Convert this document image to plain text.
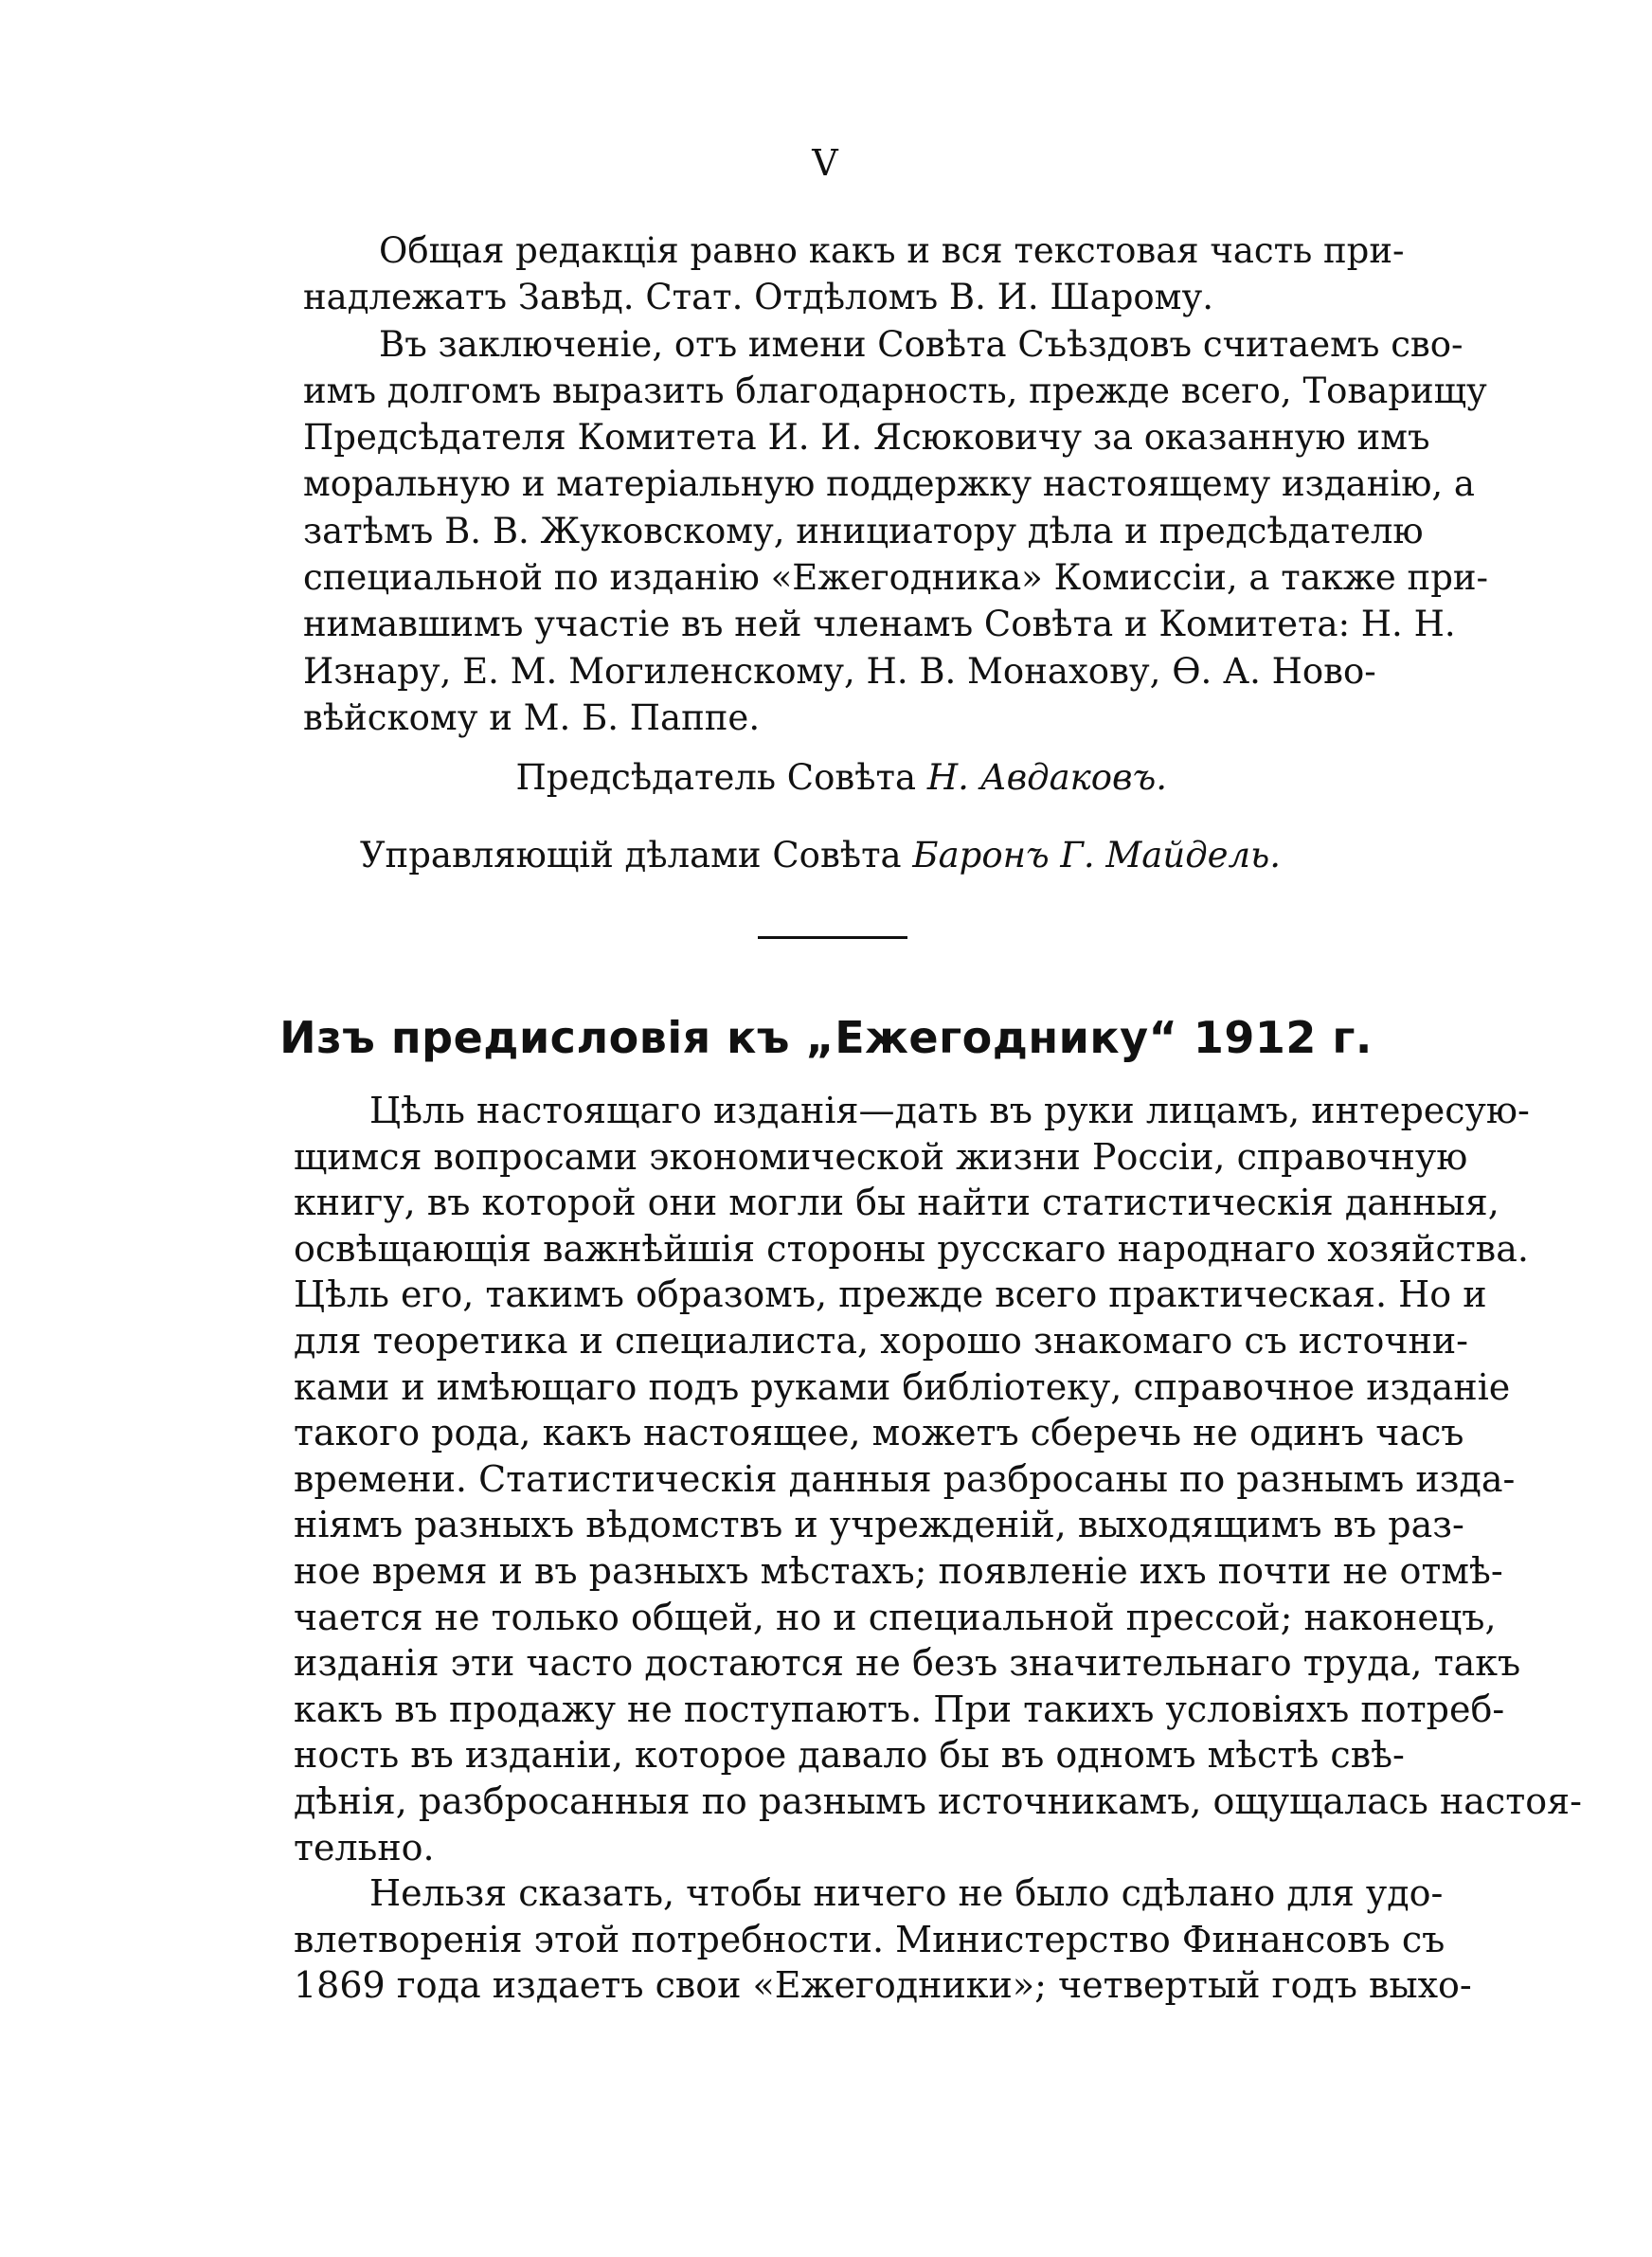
V
Общая редакція равно какъ и вся текстовая часть при-
надлежатъ Завѣд. Стат. Отдѣломъ В. И. Шарому.
Въ заключеніе, отъ имени Совѣта Съѣздовъ считаемъ сво-
имъ долгомъ выразить благодарность, прежде всего, Товарищу
Предсѣдателя Комитета И. И. Ясюковичу за оказанную имъ
моральную и матеріальную поддержку настоящему изданію, а
затѣмъ В. В. Жуковскому, инициатору дѣла и предсѣдателю
специальной по изданію «Ежегодника» Комиссіи, а также при-
нимавшимъ участіе въ ней членамъ Совѣта и Комитета: Н. Н.
Изнару, Е. М. Могиленскому, Н. В. Монахову, Ѳ. А. Ново-
вѣйскому и М. Б. Паппе.
Предсѣдатель Совѣта Н. Авдаковъ.
Управляющій дѣлами Совѣта Баронъ Г. Майдель.
Изъ предисловія къ „Ежегоднику“ 1912 г.
Цѣль настоящаго изданія—дать въ руки лицамъ, интересую-
щимся вопросами экономической жизни Россіи, справочную
книгу, въ которой они могли бы найти статистическія данныя,
освѣщающія важнѣйшія стороны русскаго народнаго хозяйства.
Цѣль его, такимъ образомъ, прежде всего практическая. Но и
для теоретика и специалиста, хорошо знакомаго съ источни-
ками и имѣющаго подъ руками библіотеку, справочное изданіе
такого рода, какъ настоящее, можетъ сберечь не одинъ часъ
времени. Статистическія данныя разбросаны по разнымъ изда-
ніямъ разныхъ вѣдомствъ и учрежденій, выходящимъ въ раз-
ное время и въ разныхъ мѣстахъ; появленіе ихъ почти не отмѣ-
чается не только общей, но и специальной прессой; наконецъ,
изданія эти часто достаются не безъ значительнаго труда, такъ
какъ въ продажу не поступаютъ. При такихъ условіяхъ потреб-
ность въ изданіи, которое давало бы въ одномъ мѣстѣ свѣ-
дѣнія, разбросанныя по разнымъ источникамъ, ощущалась настоя-
тельно.
Нельзя сказать, чтобы ничего не было сдѣлано для удо-
влетворенія этой потребности. Министерство Финансовъ съ
1869 года издаетъ свои «Ежегодники»; четвертый годъ выхо-
